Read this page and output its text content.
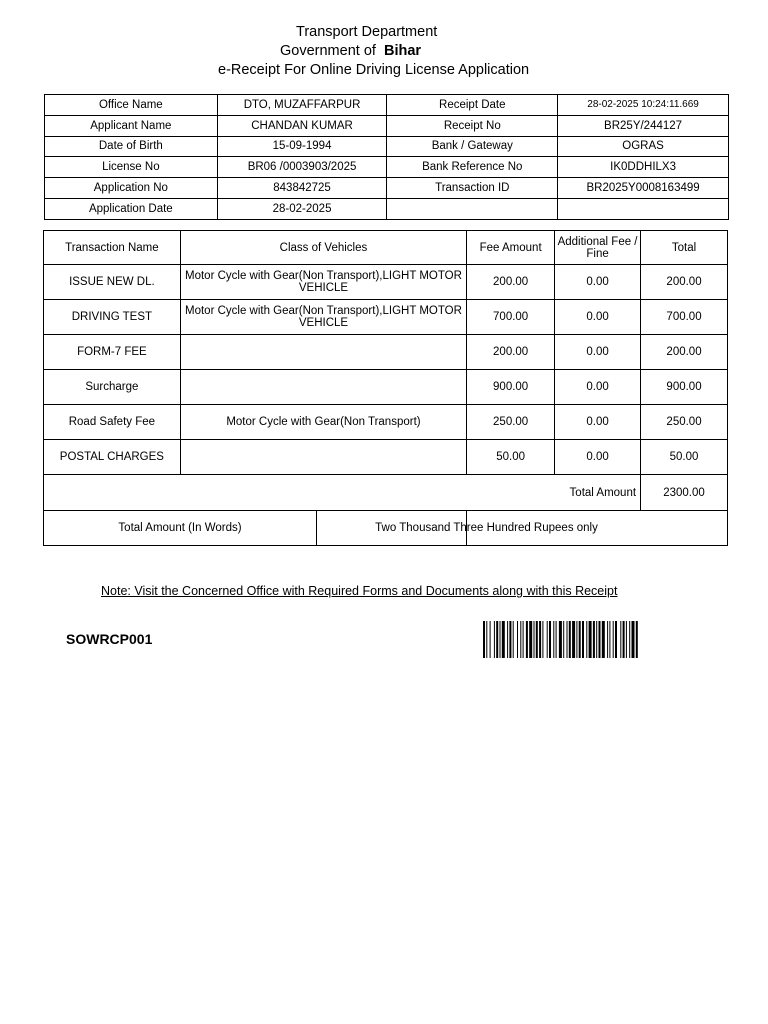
Transport Department
Government of Bihar
e-Receipt For Online Driving License Application
Office Name	DTO, MUZAFFARPUR	Receipt Date	28-02-2025 10:24:11.669
Applicant Name	CHANDAN KUMAR	Receipt No	BR25Y/244127
Date of Birth	15-09-1994	Bank / Gateway	OGRAS
License No	BR06 /0003903/2025	Bank Reference No	IK0DDHILX3
Application No	843842725	Transaction ID	BR2025Y0008163499
Application Date	28-02-2025		
Transaction Name	Class of Vehicles	Fee Amount	Additional Fee / Fine	Total
ISSUE NEW DL.	Motor Cycle with Gear(Non Transport),LIGHT MOTOR VEHICLE	200.00	0.00	200.00
DRIVING TEST	Motor Cycle with Gear(Non Transport),LIGHT MOTOR VEHICLE	700.00	0.00	700.00
FORM-7 FEE		200.00	0.00	200.00
Surcharge		900.00	0.00	900.00
Road Safety Fee	Motor Cycle with Gear(Non Transport)	250.00	0.00	250.00
POSTAL CHARGES		50.00	0.00	50.00
Total Amount				2300.00

Total Amount (In Words)		Two Thousand Three Hundred Rupees only		
Note: Visit the Concerned Office with Required Forms and Documents along with this Receipt
SOWRCP001
